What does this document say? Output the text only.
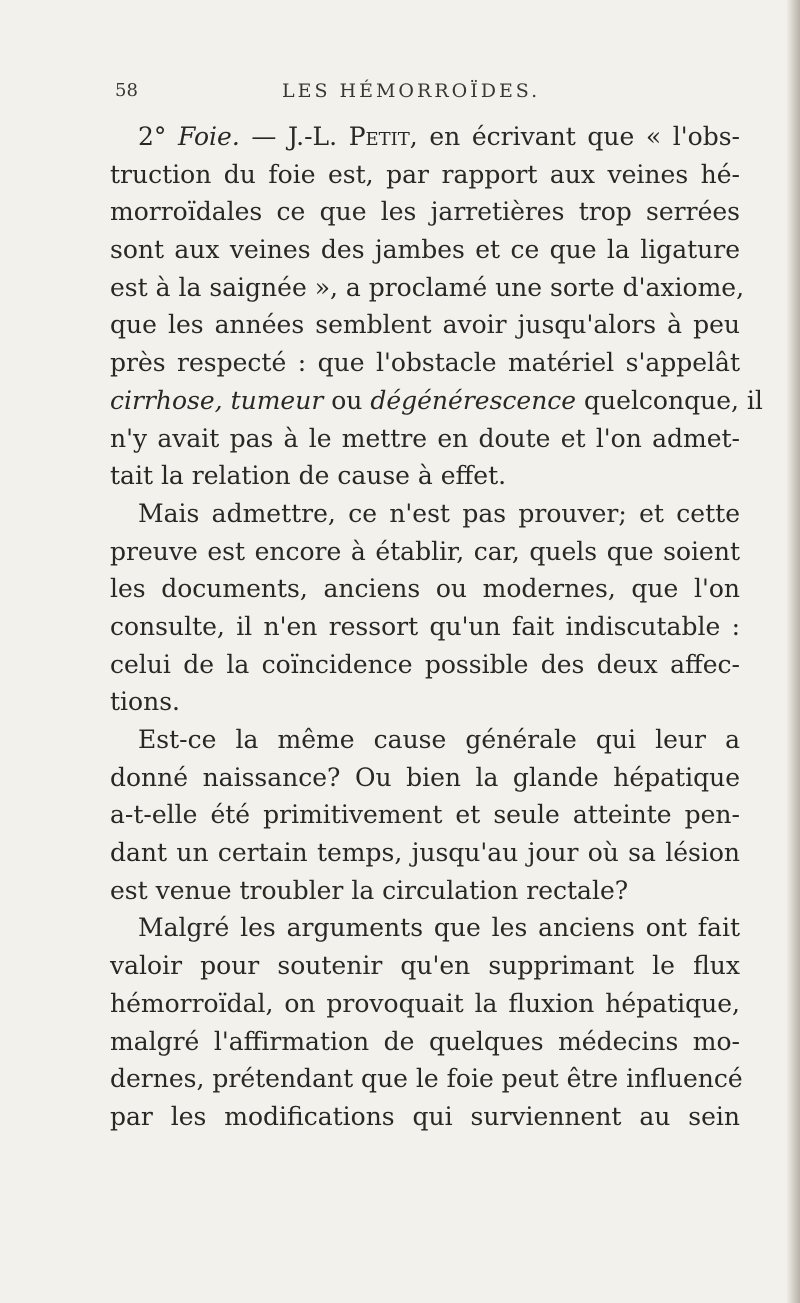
58	LES HÉMORROÏDES.
2° Foie. — J.-L. Petit, en écrivant que « l'obs-
truction du foie est, par rapport aux veines hé-
morroïdales ce que les jarretières trop serrées
sont aux veines des jambes et ce que la ligature
est à la saignée », a proclamé une sorte d'axiome,
que les années semblent avoir jusqu'alors à peu
près respecté : que l'obstacle matériel s'appelât
cirrhose, tumeur ou dégénérescence quelconque, il
n'y avait pas à le mettre en doute et l'on admet-
tait la relation de cause à effet.
Mais admettre, ce n'est pas prouver; et cette
preuve est encore à établir, car, quels que soient
les documents, anciens ou modernes, que l'on
consulte, il n'en ressort qu'un fait indiscutable :
celui de la coïncidence possible des deux affec-
tions.
Est-ce la même cause générale qui leur a
donné naissance? Ou bien la glande hépatique
a-t-elle été primitivement et seule atteinte pen-
dant un certain temps, jusqu'au jour où sa lésion
est venue troubler la circulation rectale?
Malgré les arguments que les anciens ont fait
valoir pour soutenir qu'en supprimant le flux
hémorroïdal, on provoquait la fluxion hépatique,
malgré l'affirmation de quelques médecins mo-
dernes, prétendant que le foie peut être influencé
par les modifications qui surviennent au sein
